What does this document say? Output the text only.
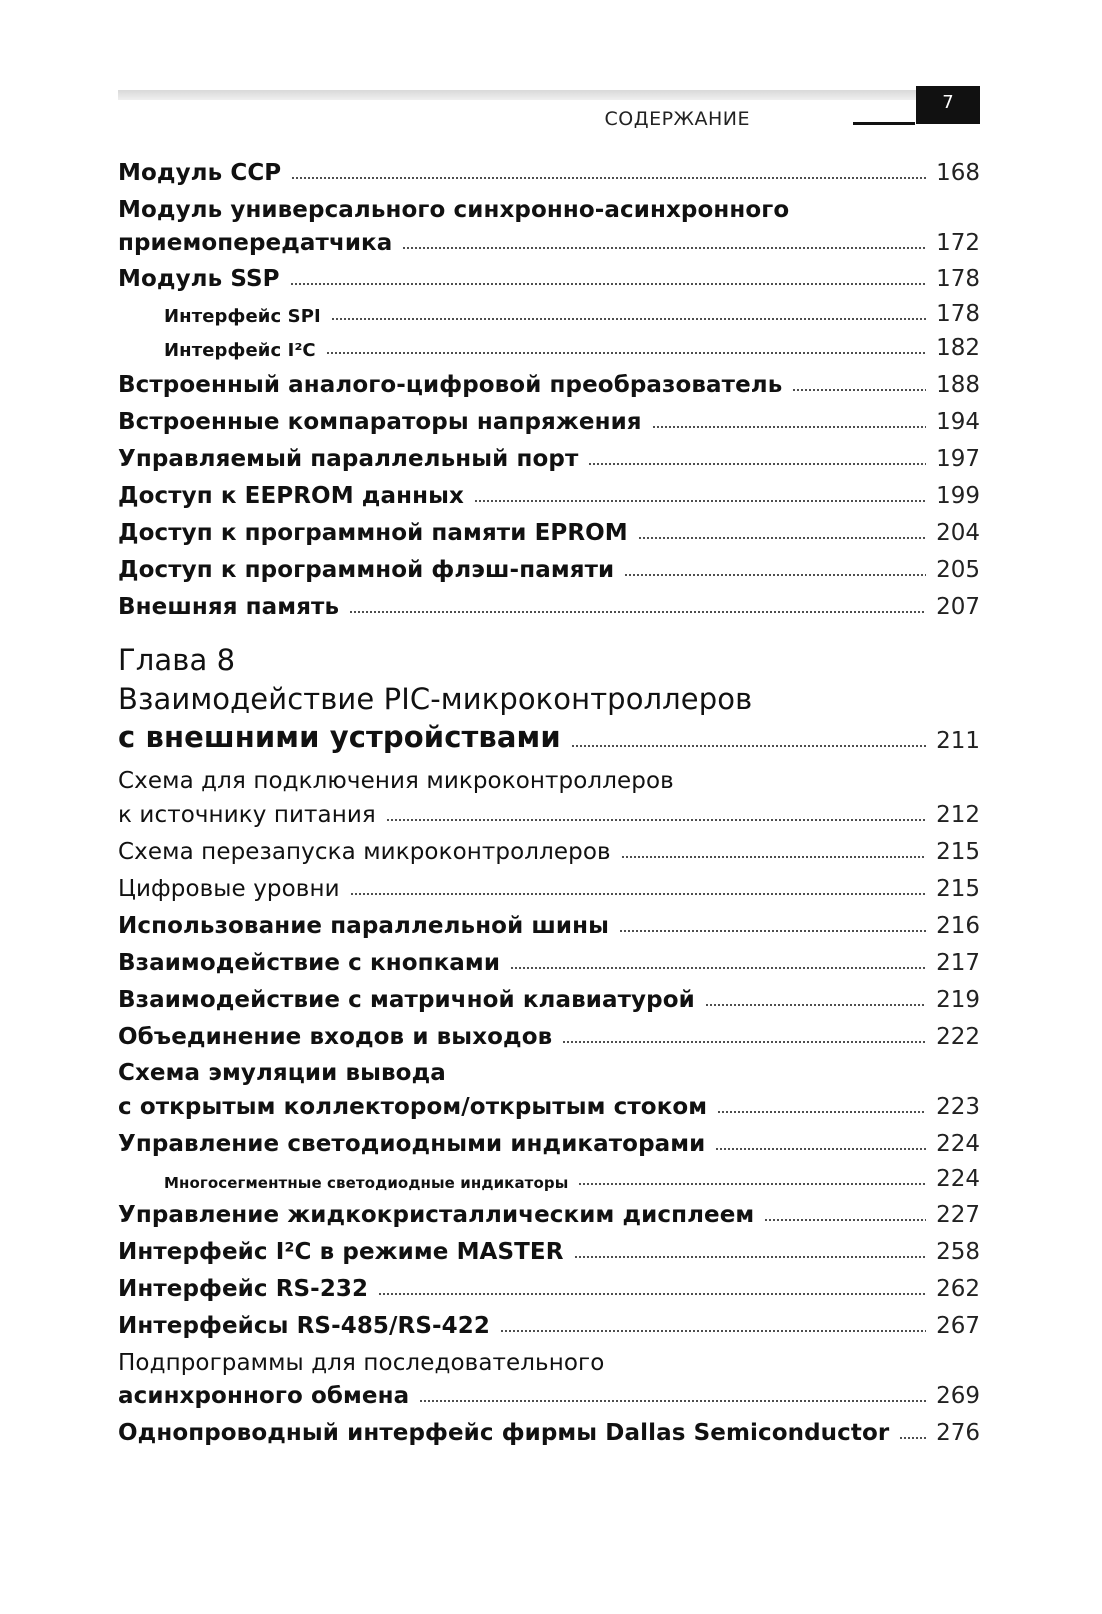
СОДЕРЖАНИЕ
7
Модуль CCP	168
Модуль универсального синхронно-асинхронного
приемопередатчика	172
Модуль SSP	178
Интерфейс SPI	178
Интерфейс I²C	182
Встроенный аналого-цифровой преобразователь	188
Встроенные компараторы напряжения	194
Управляемый параллельный порт	197
Доступ к EEPROM данных	199
Доступ к программной памяти EPROM	204
Доступ к программной флэш-памяти	205
Внешняя память	207
Глава 8
Взаимодействие PIC-микроконтроллеров
с внешними устройствами	211
Схема для подключения микроконтроллеров
к источнику питания	212
Схема перезапуска микроконтроллеров	215
Цифровые уровни	215
Использование параллельной шины	216
Взаимодействие с кнопками	217
Взаимодействие с матричной клавиатурой	219
Объединение входов и выходов	222
Схема эмуляции вывода
с открытым коллектором/открытым стоком	223
Управление светодиодными индикаторами	224
Многосегментные светодиодные индикаторы	224
Управление жидкокристаллическим дисплеем	227
Интерфейс I²C в режиме MASTER	258
Интерфейс RS-232	262
Интерфейсы RS-485/RS-422	267
Подпрограммы для последовательного
асинхронного обмена	269
Однопроводный интерфейс фирмы Dallas Semiconductor 276
